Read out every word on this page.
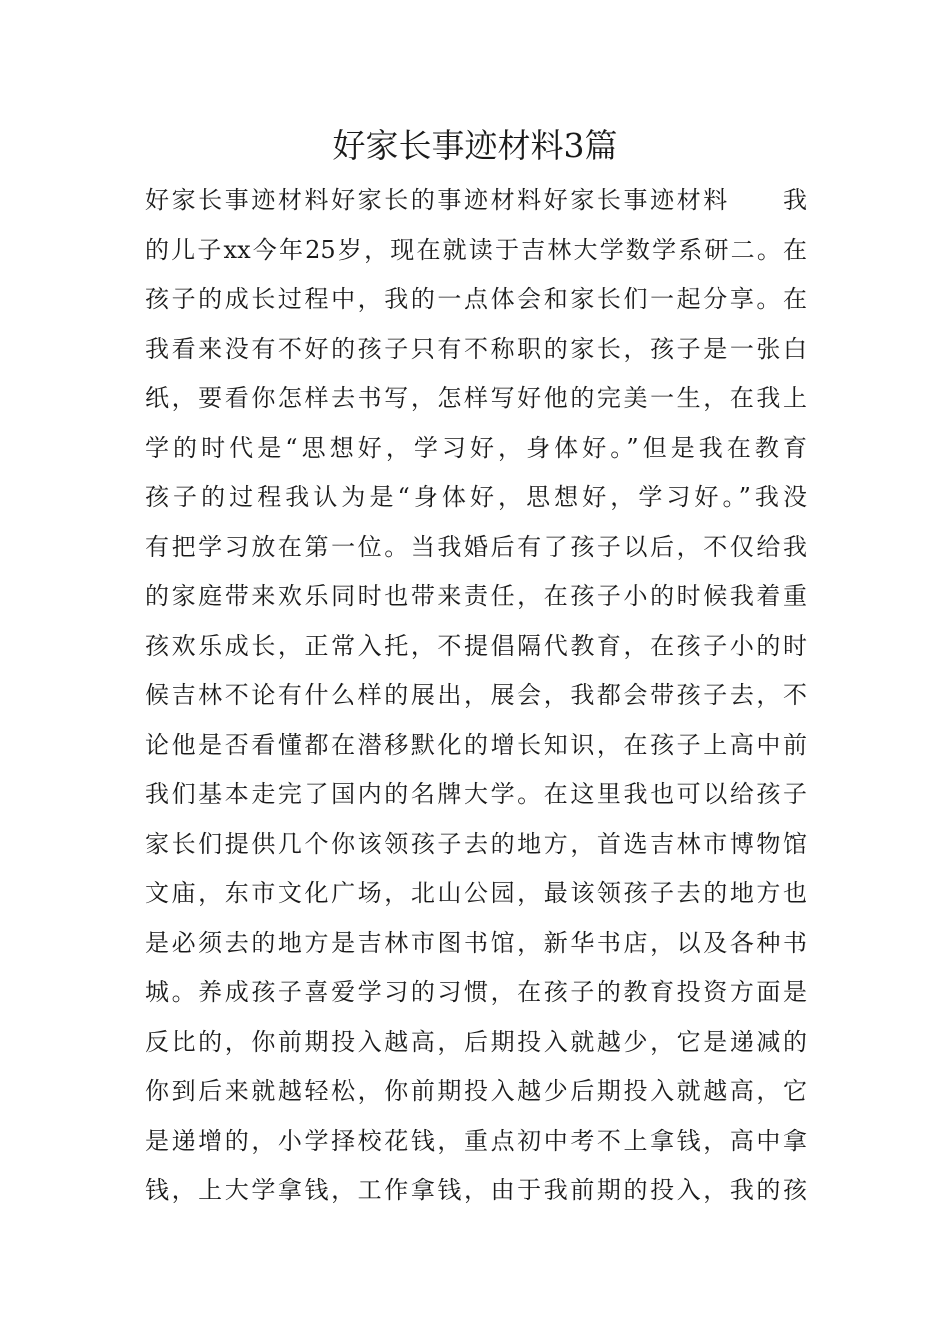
好家长事迹材料3篇
好家长事迹材料好家长的事迹材料好家长事迹材料　　我
的儿子xx今年25岁，现在就读于吉林大学数学系研二。在
孩子的成长过程中，我的一点体会和家长们一起分享。在
我看来没有不好的孩子只有不称职的家长，孩子是一张白
纸，要看你怎样去书写，怎样写好他的完美一生，在我上
学的时代是“思想好，学习好，身体好。”但是我在教育
孩子的过程我认为是“身体好，思想好，学习好。”我没
有把学习放在第一位。当我婚后有了孩子以后，不仅给我
的家庭带来欢乐同时也带来责任，在孩子小的时候我着重
孩欢乐成长，正常入托，不提倡隔代教育，在孩子小的时
候吉林不论有什么样的展出，展会，我都会带孩子去，不
论他是否看懂都在潜移默化的增长知识，在孩子上高中前
我们基本走完了国内的名牌大学。在这里我也可以给孩子
家长们提供几个你该领孩子去的地方，首选吉林市博物馆
文庙，东市文化广场，北山公园，最该领孩子去的地方也
是必须去的地方是吉林市图书馆，新华书店，以及各种书
城。养成孩子喜爱学习的习惯，在孩子的教育投资方面是
反比的，你前期投入越高，后期投入就越少，它是递减的
你到后来就越轻松，你前期投入越少后期投入就越高，它
是递增的，小学择校花钱，重点初中考不上拿钱，高中拿
钱，上大学拿钱，工作拿钱，由于我前期的投入，我的孩
